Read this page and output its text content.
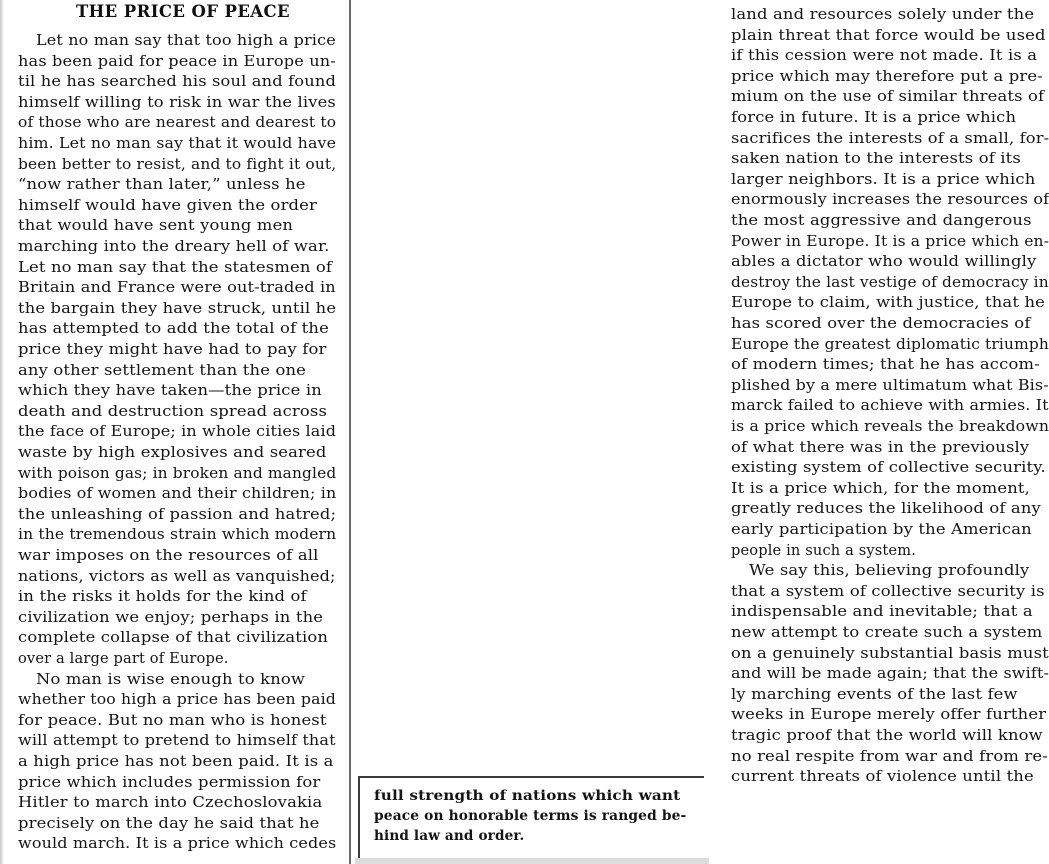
THE PRICE OF PEACE
Let no man say that too high a price
has been paid for peace in Europe un-
til he has searched his soul and found
himself willing to risk in war the lives
of those who are nearest and dearest to
him. Let no man say that it would have
been better to resist, and to fight it out,
“now rather than later,” unless he
himself would have given the order
that would have sent young men
marching into the dreary hell of war.
Let no man say that the statesmen of
Britain and France were out-traded in
the bargain they have struck, until he
has attempted to add the total of the
price they might have had to pay for
any other settlement than the one
which they have taken—the price in
death and destruction spread across
the face of Europe; in whole cities laid
waste by high explosives and seared
with poison gas; in broken and mangled
bodies of women and their children; in
the unleashing of passion and hatred;
in the tremendous strain which modern
war imposes on the resources of all
nations, victors as well as vanquished;
in the risks it holds for the kind of
civilization we enjoy; perhaps in the
complete collapse of that civilization
over a large part of Europe.
No man is wise enough to know
whether too high a price has been paid
for peace. But no man who is honest
will attempt to pretend to himself that
a high price has not been paid. It is a
price which includes permission for
Hitler to march into Czechoslovakia
precisely on the day he said that he
would march. It is a price which cedes
land and resources solely under the
plain threat that force would be used
if this cession were not made. It is a
price which may therefore put a pre-
mium on the use of similar threats of
force in future. It is a price which
sacrifices the interests of a small, for-
saken nation to the interests of its
larger neighbors. It is a price which
enormously increases the resources of
the most aggressive and dangerous
Power in Europe. It is a price which en-
ables a dictator who would willingly
destroy the last vestige of democracy in
Europe to claim, with justice, that he
has scored over the democracies of
Europe the greatest diplomatic triumph
of modern times; that he has accom-
plished by a mere ultimatum what Bis-
marck failed to achieve with armies. It
is a price which reveals the breakdown
of what there was in the previously
existing system of collective security.
It is a price which, for the moment,
greatly reduces the likelihood of any
early participation by the American
people in such a system.
We say this, believing profoundly
that a system of collective security is
indispensable and inevitable; that a
new attempt to create such a system
on a genuinely substantial basis must
and will be made again; that the swift-
ly marching events of the last few
weeks in Europe merely offer further
tragic proof that the world will know
no real respite from war and from re-
current threats of violence until the
full strength of nations which want
peace on honorable terms is ranged be-
hind law and order.
